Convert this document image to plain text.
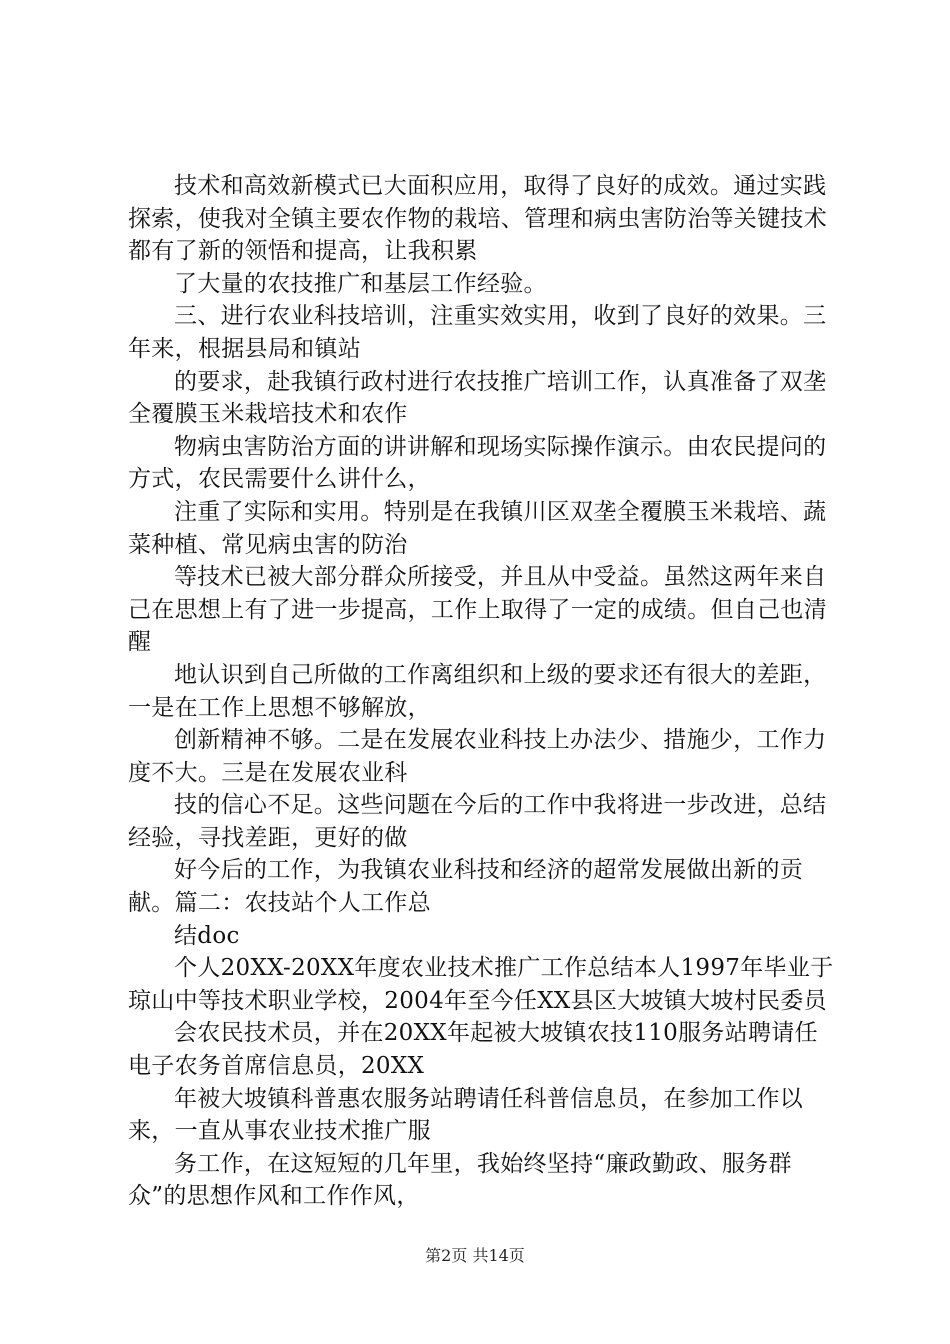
技术和高效新模式已大面积应用，取得了良好的成效。通过实践探索，使我对全镇主要农作物的栽培、管理和病虫害防治等关键技术都有了新的领悟和提高，让我积累

了大量的农技推广和基层工作经验。

三、进行农业科技培训，注重实效实用，收到了良好的效果。三年来，根据县局和镇站

的要求，赴我镇行政村进行农技推广培训工作，认真准备了双垄全覆膜玉米栽培技术和农作

物病虫害防治方面的讲讲解和现场实际操作演示。由农民提问的方式，农民需要什么讲什么，

注重了实际和实用。特别是在我镇川区双垄全覆膜玉米栽培、蔬菜种植、常见病虫害的防治

等技术已被大部分群众所接受，并且从中受益。虽然这两年来自己在思想上有了进一步提高，工作上取得了一定的成绩。但自己也清醒

地认识到自己所做的工作离组织和上级的要求还有很大的差距，一是在工作上思想不够解放，

创新精神不够。二是在发展农业科技上办法少、措施少，工作力度不大。三是在发展农业科

技的信心不足。这些问题在今后的工作中我将进一步改进，总结经验，寻找差距，更好的做

好今后的工作，为我镇农业科技和经济的超常发展做出新的贡献。篇二：农技站个人工作总

结doc

个人20XX-20XX年度农业技术推广工作总结本人1997年毕业于琼山中等技术职业学校，2004年至今任XX县区大坡镇大坡村民委员

会农民技术员，并在20XX年起被大坡镇农技110服务站聘请任电子农务首席信息员，20XX

年被大坡镇科普惠农服务站聘请任科普信息员，在参加工作以来，一直从事农业技术推广服

务工作，在这短短的几年里，我始终坚持“廉政勤政、服务群众”的思想作风和工作作风，

第2页 共14页
